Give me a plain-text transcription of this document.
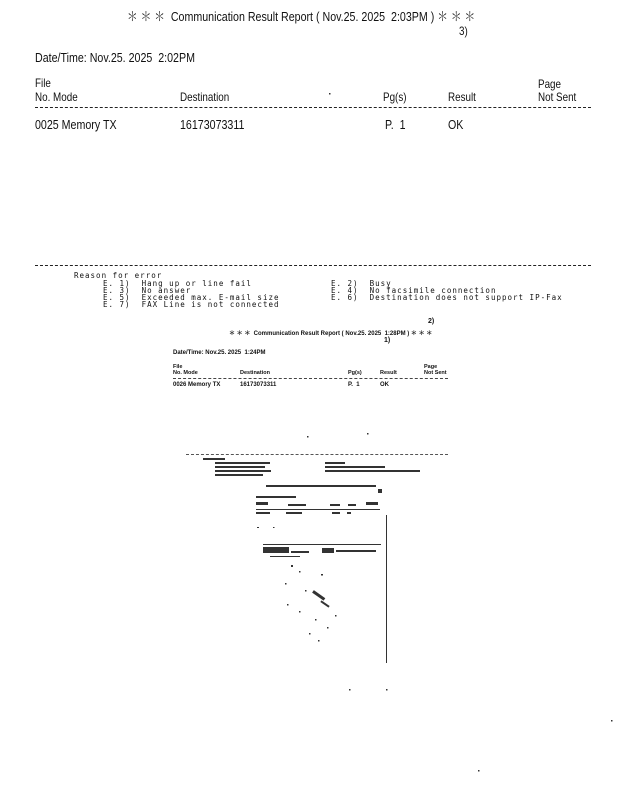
＊ ＊ ＊  Communication Result Report ( Nov.25. 2025  2:03PM ) ＊ ＊ ＊
3)
Date/Time: Nov.25. 2025  2:02PM
File
No. Mode	Destination	Pg(s)	Result
Page
Not Sent
0025 Memory TX	16173073311	P.  1	OK
Reason for error
E. 1)  Hang up or line fail
E. 3)  No answer
E. 5)  Exceeded max. E-mail size
E. 7)  FAX Line is not connected
E. 2)  Busy
E. 4)  No facsimile connection
E. 6)  Destination does not support IP-Fax
2)
＊ ＊ ＊  Communication Result Report ( Nov.25. 2025  1:28PM ) ＊ ＊ ＊
1)
Date/Time: Nov.25. 2025  1:24PM
File
No. Mode	Destination	Pg(s)	Result
Page
Not Sent
0026 Memory TX	16173073311	P.  1	OK
